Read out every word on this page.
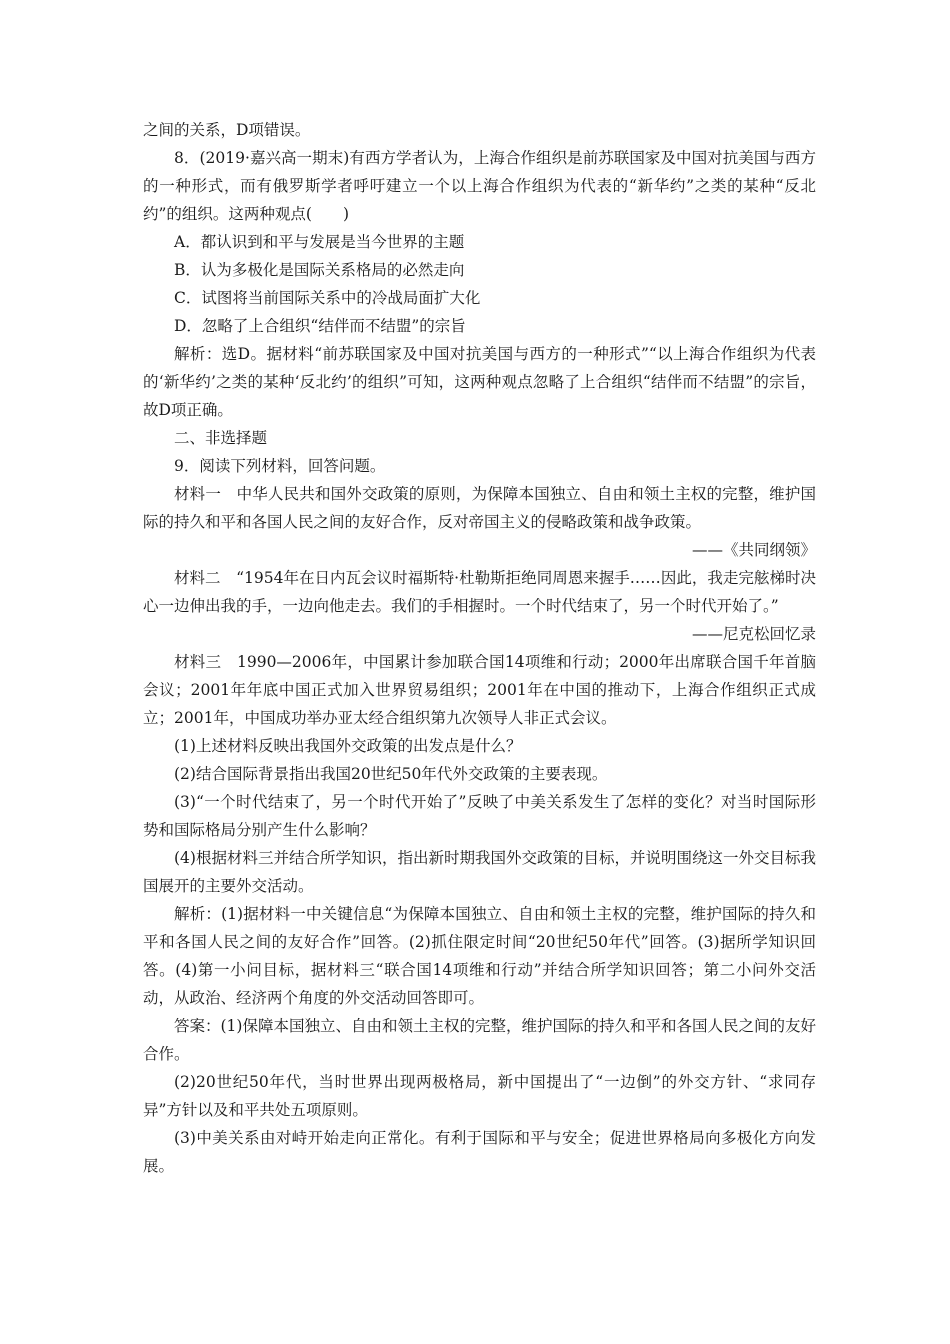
之间的关系，D项错误。

8．(2019·嘉兴高一期末)有西方学者认为，上海合作组织是前苏联国家及中国对抗美国与西方的一种形式，而有俄罗斯学者呼吁建立一个以上海合作组织为代表的“新华约”之类的某种“反北约”的组织。这两种观点(　　)

A．都认识到和平与发展是当今世界的主题

B．认为多极化是国际关系格局的必然走向

C．试图将当前国际关系中的冷战局面扩大化

D．忽略了上合组织“结伴而不结盟”的宗旨

解析：选D。据材料“前苏联国家及中国对抗美国与西方的一种形式”“以上海合作组织为代表的‘新华约’之类的某种‘反北约’的组织”可知，这两种观点忽略了上合组织“结伴而不结盟”的宗旨，故D项正确。

二、非选择题

9．阅读下列材料，回答问题。

材料一　中华人民共和国外交政策的原则，为保障本国独立、自由和领土主权的完整，维护国际的持久和平和各国人民之间的友好合作，反对帝国主义的侵略政策和战争政策。

——《共同纲领》

材料二　“1954年在日内瓦会议时福斯特·杜勒斯拒绝同周恩来握手……因此，我走完舷梯时决心一边伸出我的手，一边向他走去。我们的手相握时。一个时代结束了，另一个时代开始了。”

——尼克松回忆录

材料三　1990—2006年，中国累计参加联合国14项维和行动；2000年出席联合国千年首脑会议；2001年年底中国正式加入世界贸易组织；2001年在中国的推动下，上海合作组织正式成立；2001年，中国成功举办亚太经合组织第九次领导人非正式会议。

(1)上述材料反映出我国外交政策的出发点是什么？

(2)结合国际背景指出我国20世纪50年代外交政策的主要表现。

(3)“一个时代结束了，另一个时代开始了”反映了中美关系发生了怎样的变化？对当时国际形势和国际格局分别产生什么影响？

(4)根据材料三并结合所学知识，指出新时期我国外交政策的目标，并说明围绕这一外交目标我国展开的主要外交活动。

解析：(1)据材料一中关键信息“为保障本国独立、自由和领土主权的完整，维护国际的持久和平和各国人民之间的友好合作”回答。(2)抓住限定时间“20世纪50年代”回答。(3)据所学知识回答。(4)第一小问目标，据材料三“联合国14项维和行动”并结合所学知识回答；第二小问外交活动，从政治、经济两个角度的外交活动回答即可。

答案：(1)保障本国独立、自由和领土主权的完整，维护国际的持久和平和各国人民之间的友好合作。

(2)20世纪50年代，当时世界出现两极格局，新中国提出了“一边倒”的外交方针、“求同存异”方针以及和平共处五项原则。

(3)中美关系由对峙开始走向正常化。有利于国际和平与安全；促进世界格局向多极化方向发展。
